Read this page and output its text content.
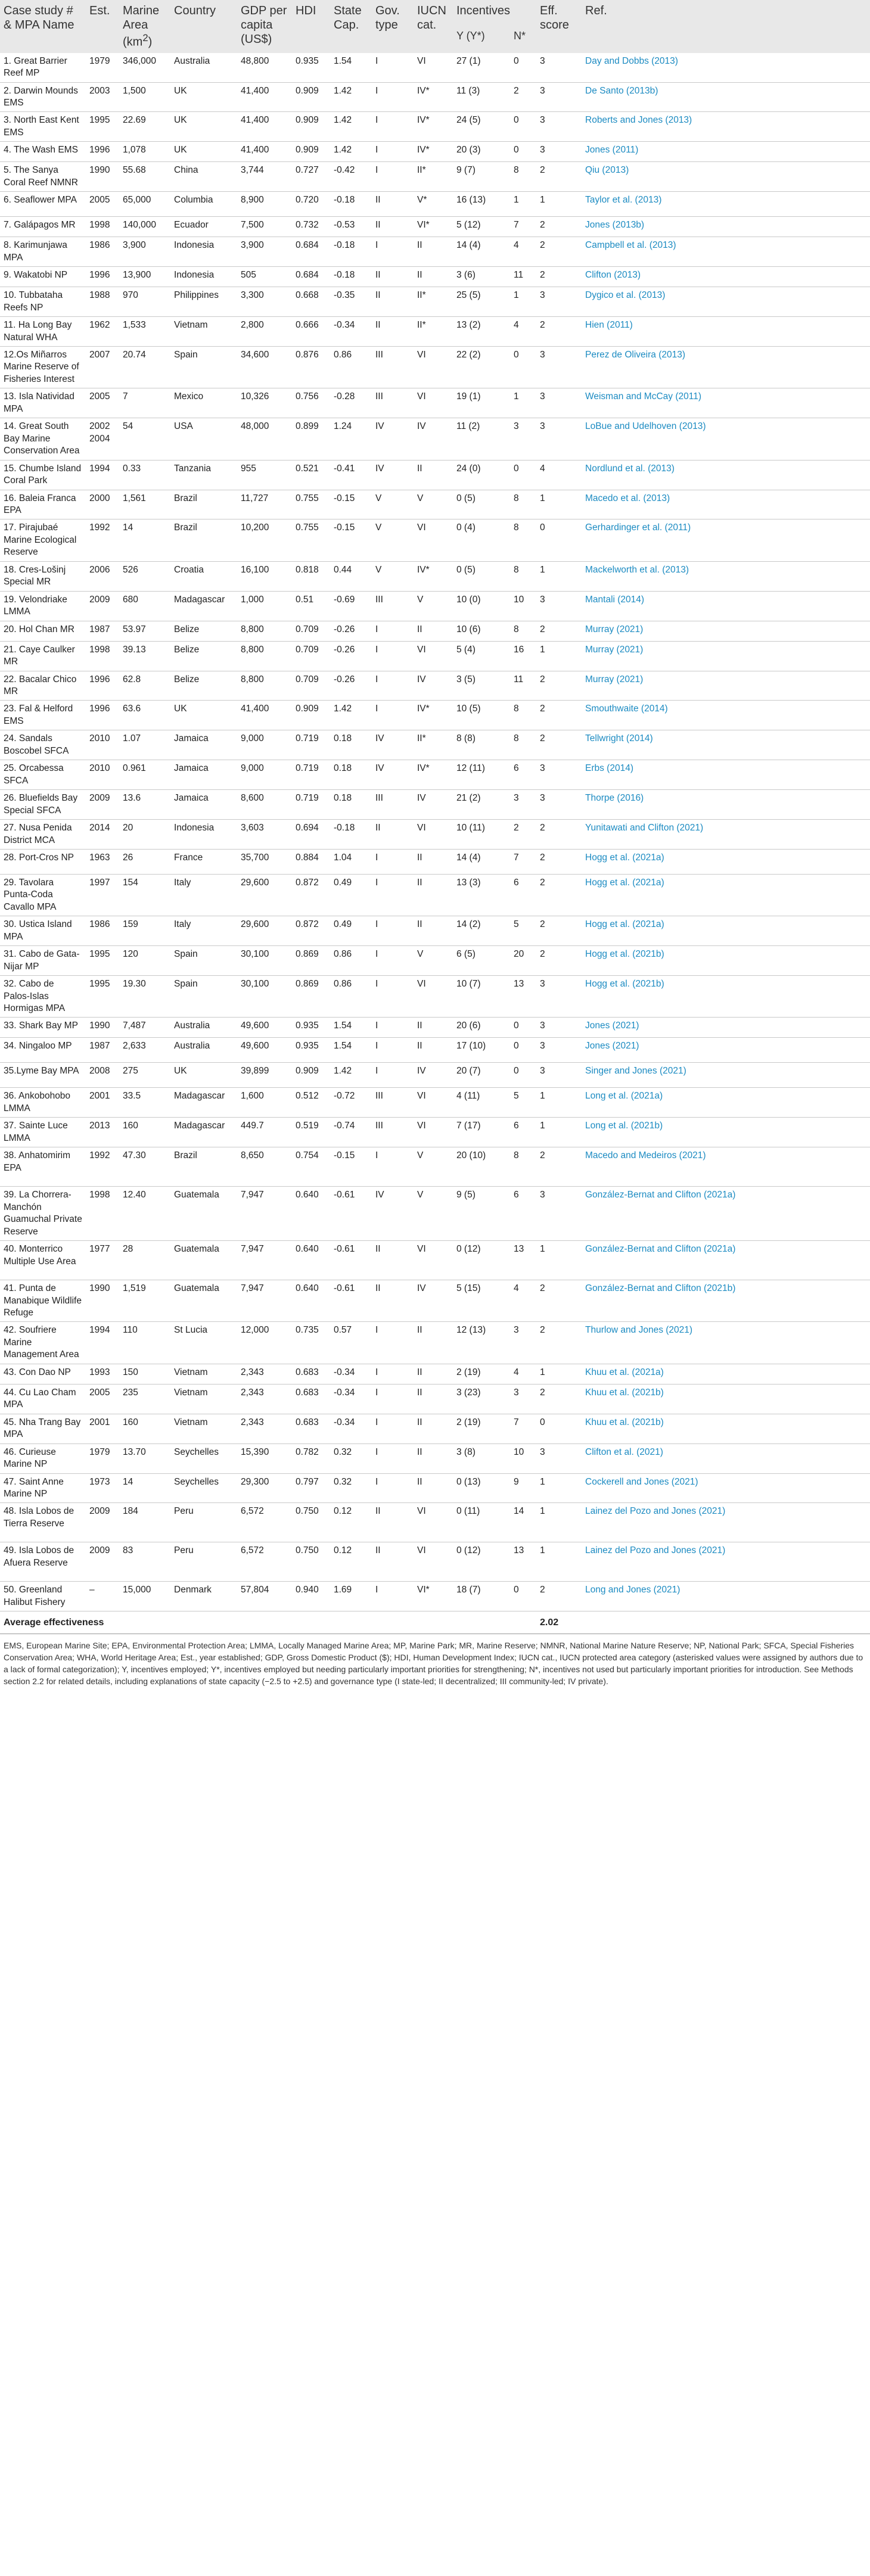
Case study # & MPA Name	Est.	Marine Area $(km^2)$	Country	GDP per capita (US$)	HDI	State Cap.	Gov. type	IUCN cat.	Incentives		Eff. score	Ref.
									Y (Y*)	N*		
1. Great Barrier Reef MP	1979	346,000	Australia	48,800	0.935	1.54	I	VI	27 (1)	0	3	Day and Dobbs (2013)
2. Darwin Mounds EMS	2003	1,500	UK	41,400	0.909	1.42	I	IV*	11 (3)	2	3	De Santo (2013b)
3. North East Kent EMS	1995	22.69	UK	41,400	0.909	1.42	I	IV*	24 (5)	0	3	Roberts and Jones (2013)
4. The Wash EMS	1996	1,078	UK	41,400	0.909	1.42	I	IV*	20 (3)	0	3	Jones (2011)
5. The Sanya Coral Reef NMNR	1990	55.68	China	3,744	0.727	-0.42	I	II*	9 (7)	8	2	Qiu (2013)
6. Seaflower MPA	2005	65,000	Columbia	8,900	0.720	-0.18	II	V*	16 (13)	1	1	Taylor et al. (2013)
7. Galápagos MR	1998	140,000	Ecuador	7,500	0.732	-0.53	II	VI*	5 (12)	7	2	Jones (2013b)
8. Karimunjawa MPA	1986	3,900	Indonesia	3,900	0.684	-0.18	I	II	14 (4)	4	2	Campbell et al. (2013)
9. Wakatobi NP	1996	13,900	Indonesia	505	0.684	-0.18	II	II	3 (6)	11	2	Clifton (2013)
10. Tubbataha Reefs NP	1988	970	Philippines	3,300	0.668	-0.35	II	II*	25 (5)	1	3	Dygico et al. (2013)
11. Ha Long Bay Natural WHA	1962	1,533	Vietnam	2,800	0.666	-0.34	II	II*	13 (2)	4	2	Hien (2011)
12.Os Miñarros Marine Reserve of Fisheries Interest	2007	20.74	Spain	34,600	0.876	0.86	III	VI	22 (2)	0	3	Perez de Oliveira (2013)
13. Isla Natividad MPA	2005	7	Mexico	10,326	0.756	-0.28	III	VI	19 (1)	1	3	Weisman and McCay (2011)
14. Great South Bay Marine Conservation Area	2002 2004	54	USA	48,000	0.899	1.24	IV	IV	11 (2)	3	3	LoBue and Udelhoven (2013)
15. Chumbe Island Coral Park	1994	0.33	Tanzania	955	0.521	-0.41	IV	II	24 (0)	0	4	Nordlund et al. (2013)
16. Baleia Franca EPA	2000	1,561	Brazil	11,727	0.755	-0.15	V	V	0 (5)	8	1	Macedo et al. (2013)
17. Pirajubaé Marine Ecological Reserve	1992	14	Brazil	10,200	0.755	-0.15	V	VI	0 (4)	8	0	Gerhardinger et al. (2011)
18. Cres-Lošinj Special MR	2006	526	Croatia	16,100	0.818	0.44	V	IV*	0 (5)	8	1	Mackelworth et al. (2013)
19. Velondriake LMMA	2009	680	Madagascar	1,000	0.51	-0.69	III	V	10 (0)	10	3	Mantali (2014)
20. Hol Chan MR	1987	53.97	Belize	8,800	0.709	-0.26	I	II	10 (6)	8	2	Murray (2021)
21. Caye Caulker MR	1998	39.13	Belize	8,800	0.709	-0.26	I	VI	5 (4)	16	1	Murray (2021)
22. Bacalar Chico MR	1996	62.8	Belize	8,800	0.709	-0.26	I	IV	3 (5)	11	2	Murray (2021)
23. Fal & Helford EMS	1996	63.6	UK	41,400	0.909	1.42	I	IV*	10 (5)	8	2	Smouthwaite (2014)
24. Sandals Boscobel SFCA	2010	1.07	Jamaica	9,000	0.719	0.18	IV	II*	8 (8)	8	2	Tellwright (2014)
25. Orcabessa SFCA	2010	0.961	Jamaica	9,000	0.719	0.18	IV	IV*	12 (11)	6	3	Erbs (2014)
26. Bluefields Bay Special SFCA	2009	13.6	Jamaica	8,600	0.719	0.18	III	IV	21 (2)	3	3	Thorpe (2016)
27. Nusa Penida District MCA	2014	20	Indonesia	3,603	0.694	-0.18	II	VI	10 (11)	2	2	Yunitawati and Clifton (2021)
28. Port-Cros NP	1963	26	France	35,700	0.884	1.04	I	II	14 (4)	7	2	Hogg et al. (2021a)
29. Tavolara Punta-Coda Cavallo MPA	1997	154	Italy	29,600	0.872	0.49	I	II	13 (3)	6	2	Hogg et al. (2021a)
30. Ustica Island MPA	1986	159	Italy	29,600	0.872	0.49	I	II	14 (2)	5	2	Hogg et al. (2021a)
31. Cabo de Gata-Nijar MP	1995	120	Spain	30,100	0.869	0.86	I	V	6 (5)	20	2	Hogg et al. (2021b)
32. Cabo de Palos-Islas Hormigas MPA	1995	19.30	Spain	30,100	0.869	0.86	I	VI	10 (7)	13	3	Hogg et al. (2021b)
33. Shark Bay MP	1990	7,487	Australia	49,600	0.935	1.54	I	II	20 (6)	0	3	Jones (2021)
34. Ningaloo MP	1987	2,633	Australia	49,600	0.935	1.54	I	II	17 (10)	0	3	Jones (2021)
35.Lyme Bay MPA	2008	275	UK	39,899	0.909	1.42	I	IV	20 (7)	0	3	Singer and Jones (2021)
36. Ankobohobo LMMA	2001	33.5	Madagascar	1,600	0.512	-0.72	III	VI	4 (11)	5	1	Long et al. (2021a)
37. Sainte Luce LMMA	2013	160	Madagascar	449.7	0.519	-0.74	III	VI	7 (17)	6	1	Long et al. (2021b)
38. Anhatomirim EPA	1992	47.30	Brazil	8,650	0.754	-0.15	I	V	20 (10)	8	2	Macedo and Medeiros (2021)
39. La Chorrera-Manchón Guamuchal Private Reserve	1998	12.40	Guatemala	7,947	0.640	-0.61	IV	V	9 (5)	6	3	González-Bernat and Clifton (2021a)
40. Monterrico Multiple Use Area	1977	28	Guatemala	7,947	0.640	-0.61	II	VI	0 (12)	13	1	González-Bernat and Clifton (2021a)
41. Punta de Manabique Wildlife Refuge	1990	1,519	Guatemala	7,947	0.640	-0.61	II	IV	5 (15)	4	2	González-Bernat and Clifton (2021b)
42. Soufriere Marine Management Area	1994	110	St Lucia	12,000	0.735	0.57	I	II	12 (13)	3	2	Thurlow and Jones (2021)
43. Con Dao NP	1993	150	Vietnam	2,343	0.683	-0.34	I	II	2 (19)	4	1	Khuu et al. (2021a)
44. Cu Lao Cham MPA	2005	235	Vietnam	2,343	0.683	-0.34	I	II	3 (23)	3	2	Khuu et al. (2021b)
45. Nha Trang Bay MPA	2001	160	Vietnam	2,343	0.683	-0.34	I	II	2 (19)	7	0	Khuu et al. (2021b)
46. Curieuse Marine NP	1979	13.70	Seychelles	15,390	0.782	0.32	I	II	3 (8)	10	3	Clifton et al. (2021)
47. Saint Anne Marine NP	1973	14	Seychelles	29,300	0.797	0.32	I	II	0 (13)	9	1	Cockerell and Jones (2021)
48. Isla Lobos de Tierra Reserve	2009	184	Peru	6,572	0.750	0.12	II	VI	0 (11)	14	1	Lainez del Pozo and Jones (2021)
49. Isla Lobos de Afuera Reserve	2009	83	Peru	6,572	0.750	0.12	II	VI	0 (12)	13	1	Lainez del Pozo and Jones (2021)
50. Greenland Halibut Fishery	–	15,000	Denmark	57,804	0.940	1.69	I	VI*	18 (7)	0	2	Long and Jones (2021)
Average effectiveness											2.02	
EMS, European Marine Site; EPA, Environmental Protection Area; LMMA, Locally Managed Marine Area; MP, Marine Park; MR, Marine Reserve; NMNR, National Marine Nature Reserve; NP, National Park; SFCA, Special Fisheries Conservation Area; WHA, World Heritage Area; Est., year established; GDP, Gross Domestic Product ($); HDI, Human Development Index; IUCN cat., IUCN protected area category (asterisked values were assigned by authors due to a lack of formal categorization); Y, incentives employed; Y*, incentives employed but needing particularly important priorities for strengthening; N*, incentives not used but particularly important priorities for introduction. See Methods section 2.2 for related details, including explanations of state capacity (−2.5 to +2.5) and governance type (I state-led; II decentralized; III community-led; IV private).
